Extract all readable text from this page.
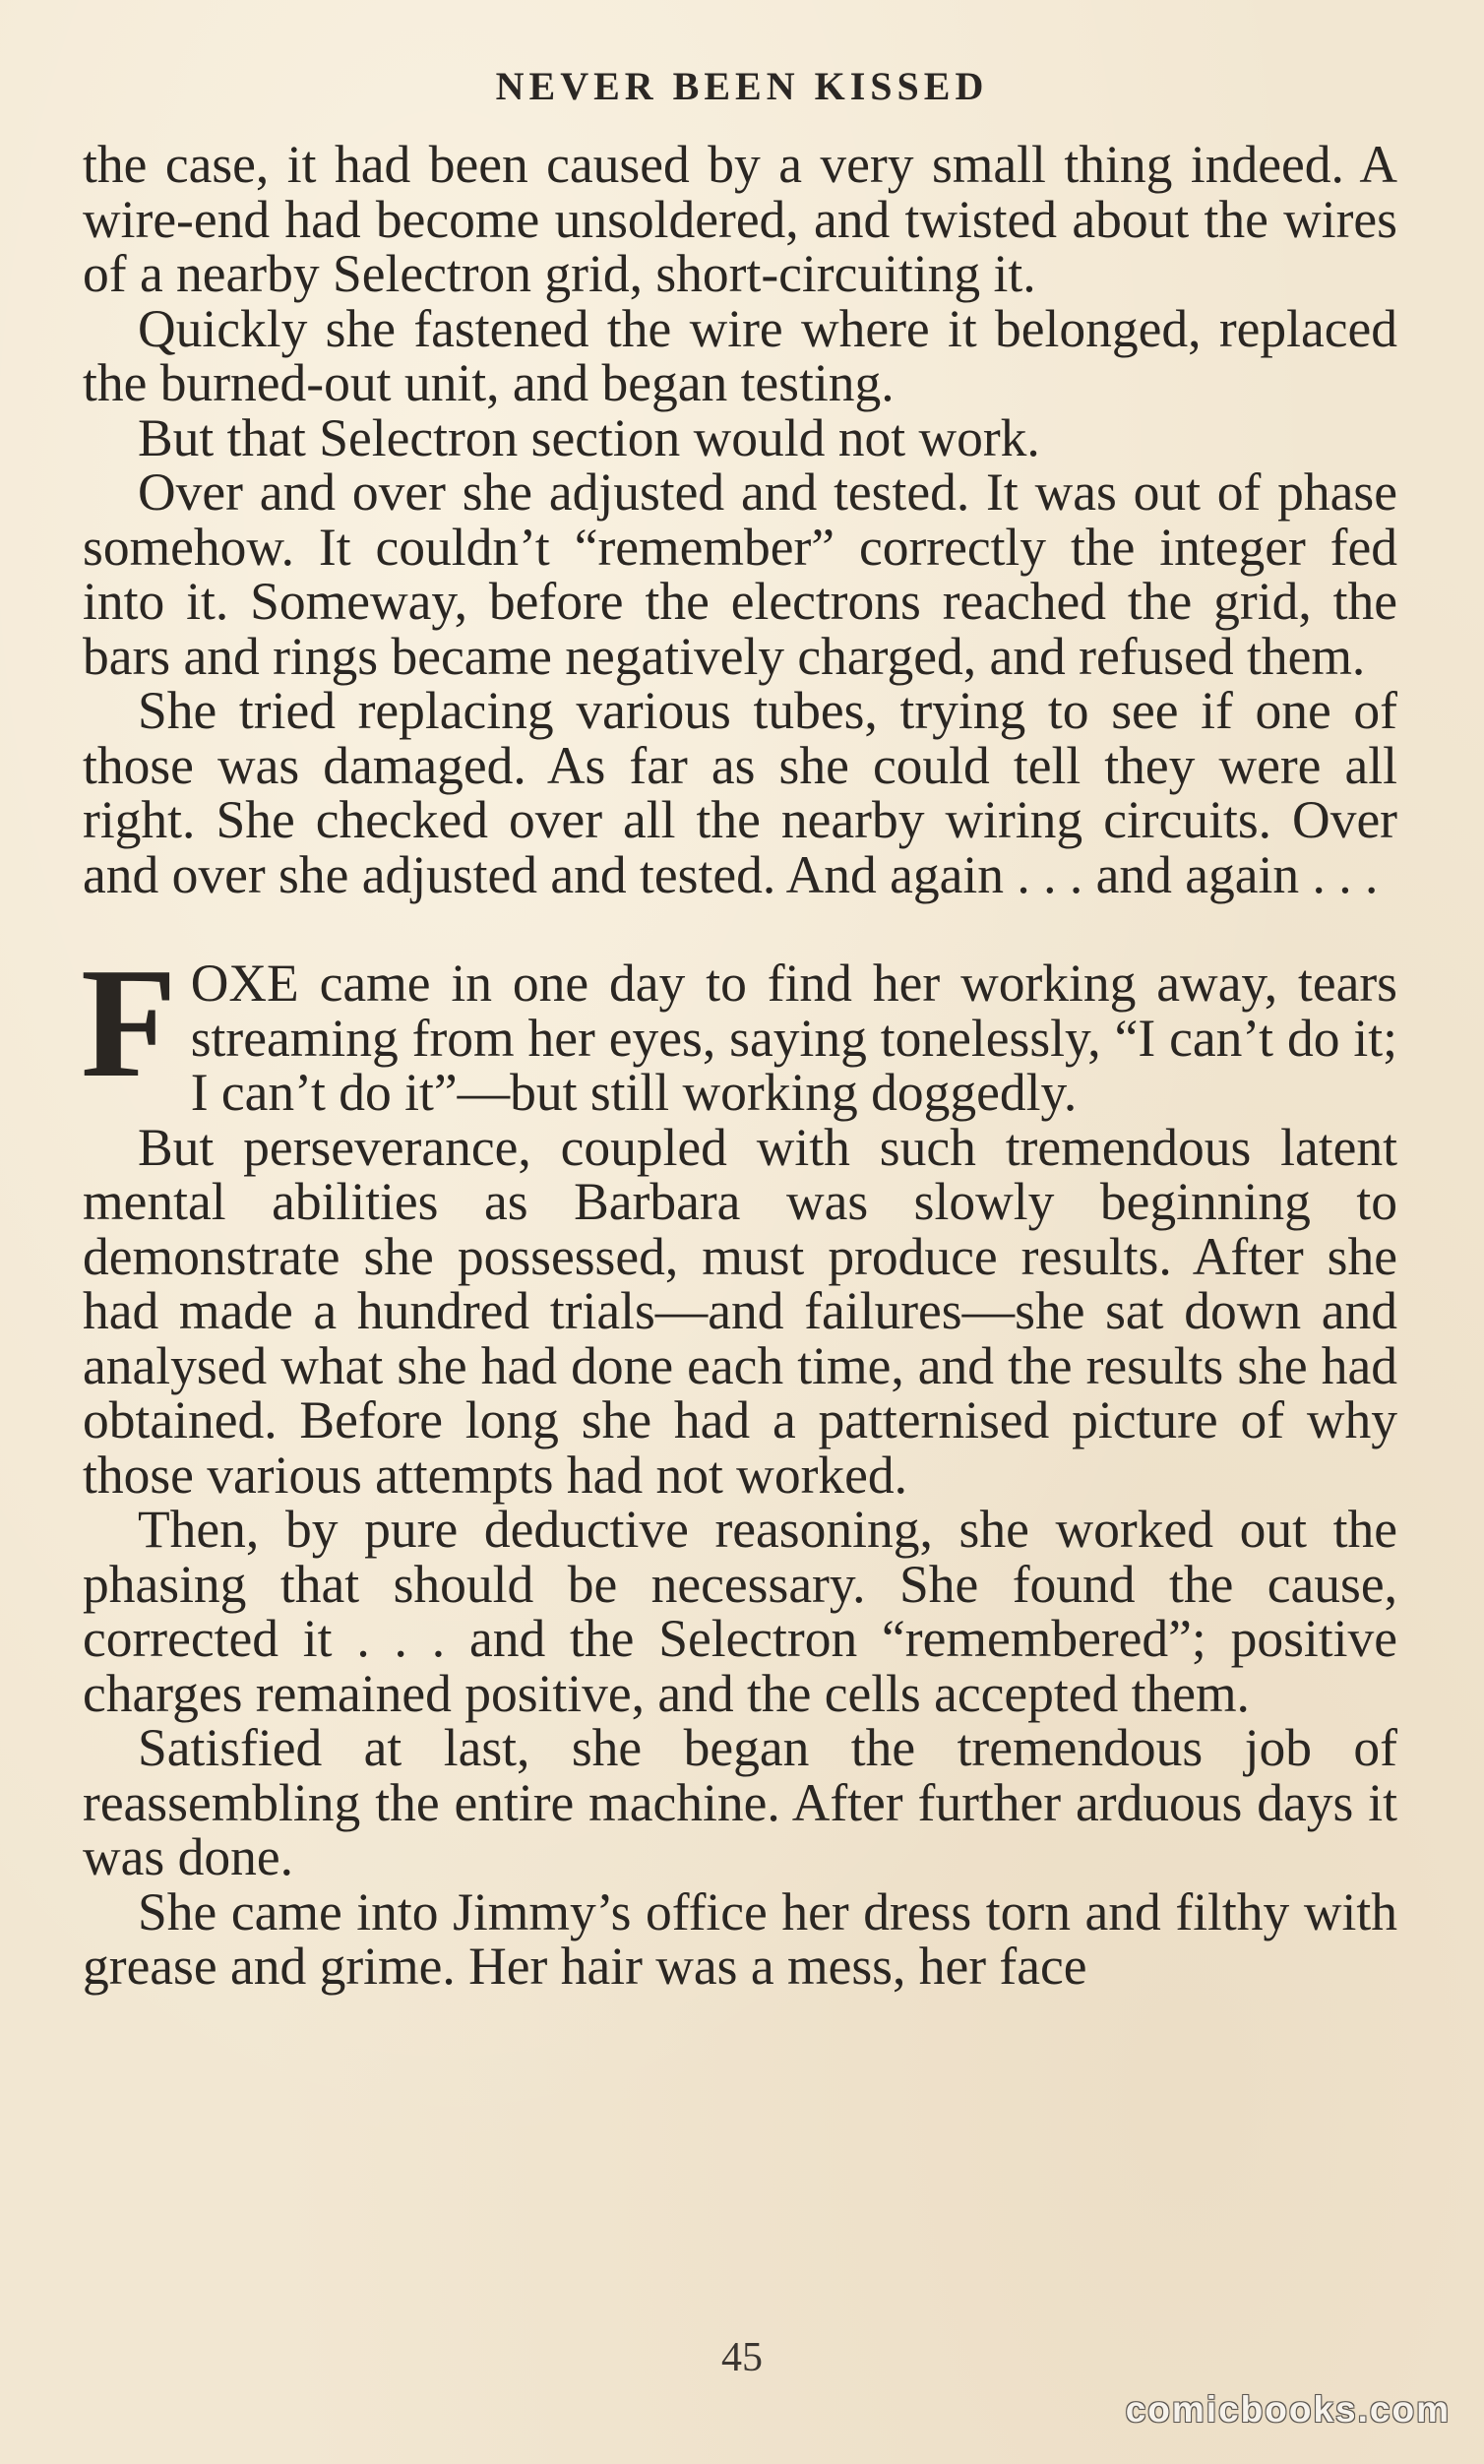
NEVER BEEN KISSED

the case, it had been caused by a very small thing indeed. A wire-end had become unsoldered, and twisted about the wires of a nearby Selectron grid, short-circuiting it.

Quickly she fastened the wire where it belonged, replaced the burned-out unit, and began testing.

But that Selectron section would not work.

Over and over she adjusted and tested. It was out of phase somehow. It couldn’t “remember” correctly the integer fed into it. Someway, before the electrons reached the grid, the bars and rings became negatively charged, and refused them.

She tried replacing various tubes, trying to see if one of those was damaged. As far as she could tell they were all right. She checked over all the nearby wiring circuits. Over and over she adjusted and tested. And again . . . and again . . .

FOXE came in one day to find her working away, tears streaming from her eyes, saying tonelessly, “I can’t do it; I can’t do it”—but still working doggedly.

But perseverance, coupled with such tremendous latent mental abilities as Barbara was slowly beginning to demonstrate she possessed, must produce results. After she had made a hundred trials—and failures—she sat down and analysed what she had done each time, and the results she had obtained. Before long she had a patternised picture of why those various attempts had not worked.

Then, by pure deductive reasoning, she worked out the phasing that should be necessary. She found the cause, corrected it . . . and the Selectron “remembered”; positive charges remained positive, and the cells accepted them.

Satisfied at last, she began the tremendous job of reassembling the entire machine. After further arduous days it was done.

She came into Jimmy’s office her dress torn and filthy with grease and grime. Her hair was a mess, her face

45
comicbooks.com
